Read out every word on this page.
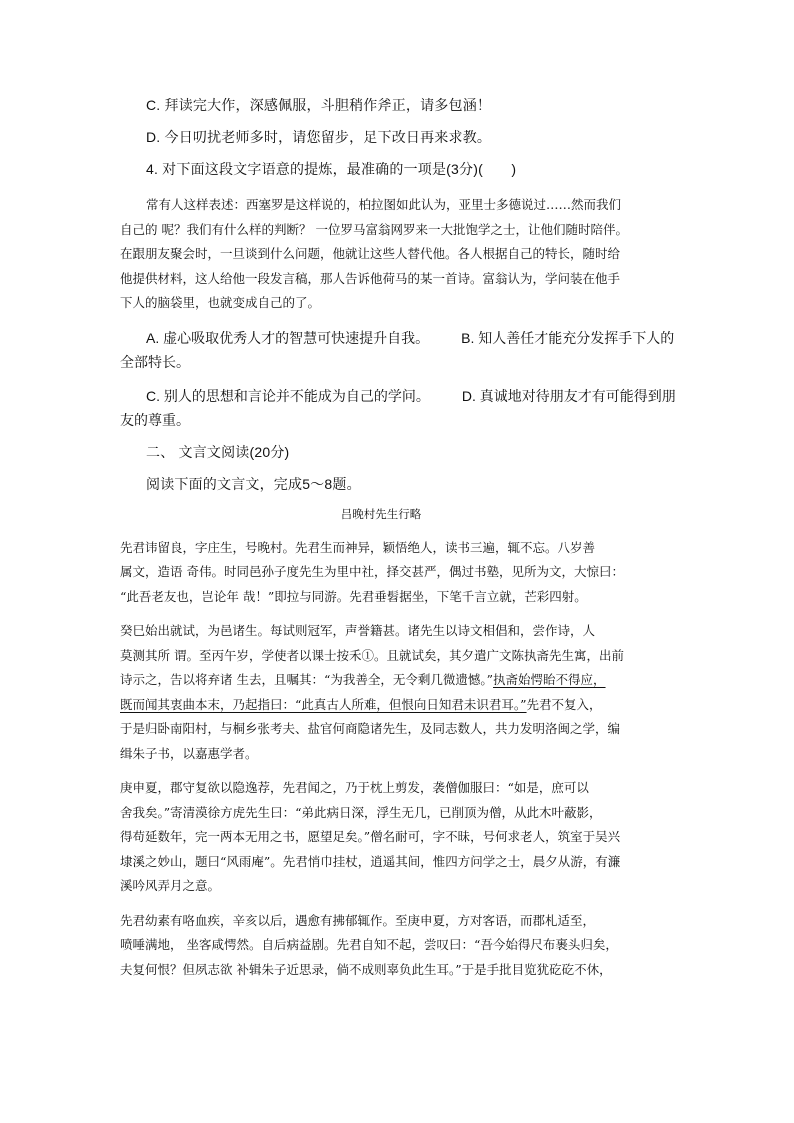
C. 拜读完大作，深感佩服，斗胆稍作斧正，请多包涵！
D. 今日叨扰老师多时，请您留步，足下改日再来求教。
4. 对下面这段文字语意的提炼，最准确的一项是(3分)(　　)
常有人这样表述：西塞罗是这样说的，柏拉图如此认为，亚里士多德说过……然而我们
自己的 呢？我们有什么样的判断？ 一位罗马富翁网罗来一大批饱学之士，让他们随时陪伴。
在跟朋友聚会时，一旦谈到什么问题，他就让这些人替代他。各人根据自己的特长，随时给
他提供材料，这人给他一段发言稿，那人告诉他荷马的某一首诗。富翁认为，学问装在他手
下人的脑袋里，也就变成自己的了。
A. 虚心吸取优秀人才的智慧可快速提升自我。 B. 知人善任才能充分发挥手下人的
全部特长。
C. 别人的思想和言论并不能成为自己的学问。 D. 真诚地对待朋友才有可能得到朋
友的尊重。
二、 文言文阅读(20分)
阅读下面的文言文，完成5～8题。
吕晚村先生行略
先君讳留良，字庄生，号晚村。先君生而神异，颖悟绝人，读书三遍，辄不忘。八岁善
属文，造语 奇伟。时同邑孙子度先生为里中社，择交甚严，偶过书塾，见所为文，大惊曰：
“此吾老友也，岂论年 哉！”即拉与同游。先君垂髫据坐，下笔千言立就，芒彩四射。
癸巳始出就试，为邑诸生。每试则冠军，声誉籍甚。诸先生以诗文相倡和，尝作诗，人
莫测其所 谓。至丙午岁，学使者以课士按禾①。且就试矣，其夕遣广文陈执斋先生寓，出前
诗示之，告以将弃诸 生去，且嘱其：“为我善全，无令剩几微遗憾。”执斋始愕眙不得应，
既而闻其衷曲本末，乃起指曰：“此真古人所难，但恨向日知君未识君耳。”先君不复入，
于是归卧南阳村，与桐乡张考夫、盐官何商隐诸先生，及同志数人，共力发明洛闽之学，编
缉朱子书，以嘉惠学者。
庚申夏，郡守复欲以隐逸荐，先君闻之，乃于枕上剪发，袭僧伽服曰：“如是，庶可以
舍我矣。”寄清漠徐方虎先生曰：“弟此病日深，浮生无几，已削顶为僧，从此木叶蔽影，
得苟延数年，完一两本无用之书，愿望足矣。”僧名耐可，字不昧，号何求老人，筑室于吴兴
埭溪之妙山，题曰“风雨庵”。先君悄巾挂杖，逍遥其间，惟四方问学之士，晨夕从游，有濂
溪吟风弄月之意。
先君幼素有咯血疾，辛亥以后，遇愈有拂郁辄作。至庚申夏，方对客语，而郡札适至，
喷唾满地， 坐客咸愕然。自后病益剧。先君自知不起，尝叹曰：“吾今始得尺布裹头归矣，
夫复何恨？但夙志欲 补辑朱子近思录，倘不成则辜负此生耳。”于是手批目览犹矻矻不休，
